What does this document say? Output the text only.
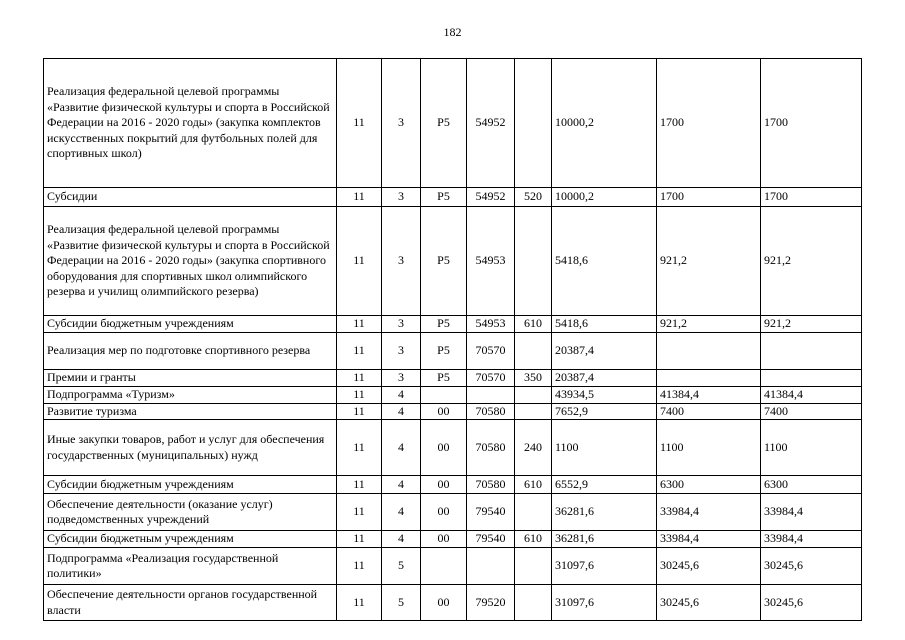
182
Реализация федеральной целевой программы «Развитие физической культуры и спорта в Российской Федерации на 2016 - 2020 годы» (закупка комплектов искусственных покрытий для футбольных полей для спортивных школ)	11	3	Р5	54952		10000,2	1700	1700
Субсидии	11	3	Р5	54952	520	10000,2	1700	1700
Реализация федеральной целевой программы «Развитие физической культуры и спорта в Российской Федерации на 2016 - 2020 годы» (закупка спортивного оборудования для спортивных школ олимпийского резерва и училищ олимпийского резерва)	11	3	Р5	54953		5418,6	921,2	921,2
Субсидии бюджетным учреждениям	11	3	Р5	54953	610	5418,6	921,2	921,2
Реализация мер по подготовке спортивного резерва	11	3	Р5	70570		20387,4		
Премии и гранты	11	3	Р5	70570	350	20387,4		
Подпрограмма «Туризм»	11	4				43934,5	41384,4	41384,4
Развитие туризма	11	4	00	70580		7652,9	7400	7400
Иные закупки товаров, работ и услуг для обеспечения государственных (муниципальных) нужд	11	4	00	70580	240	1100	1100	1100
Субсидии бюджетным учреждениям	11	4	00	70580	610	6552,9	6300	6300
Обеспечение деятельности (оказание услуг) подведомственных учреждений	11	4	00	79540		36281,6	33984,4	33984,4
Субсидии бюджетным учреждениям	11	4	00	79540	610	36281,6	33984,4	33984,4
Подпрограмма «Реализация государственной политики»	11	5				31097,6	30245,6	30245,6
Обеспечение деятельности органов государственной власти	11	5	00	79520		31097,6	30245,6	30245,6
